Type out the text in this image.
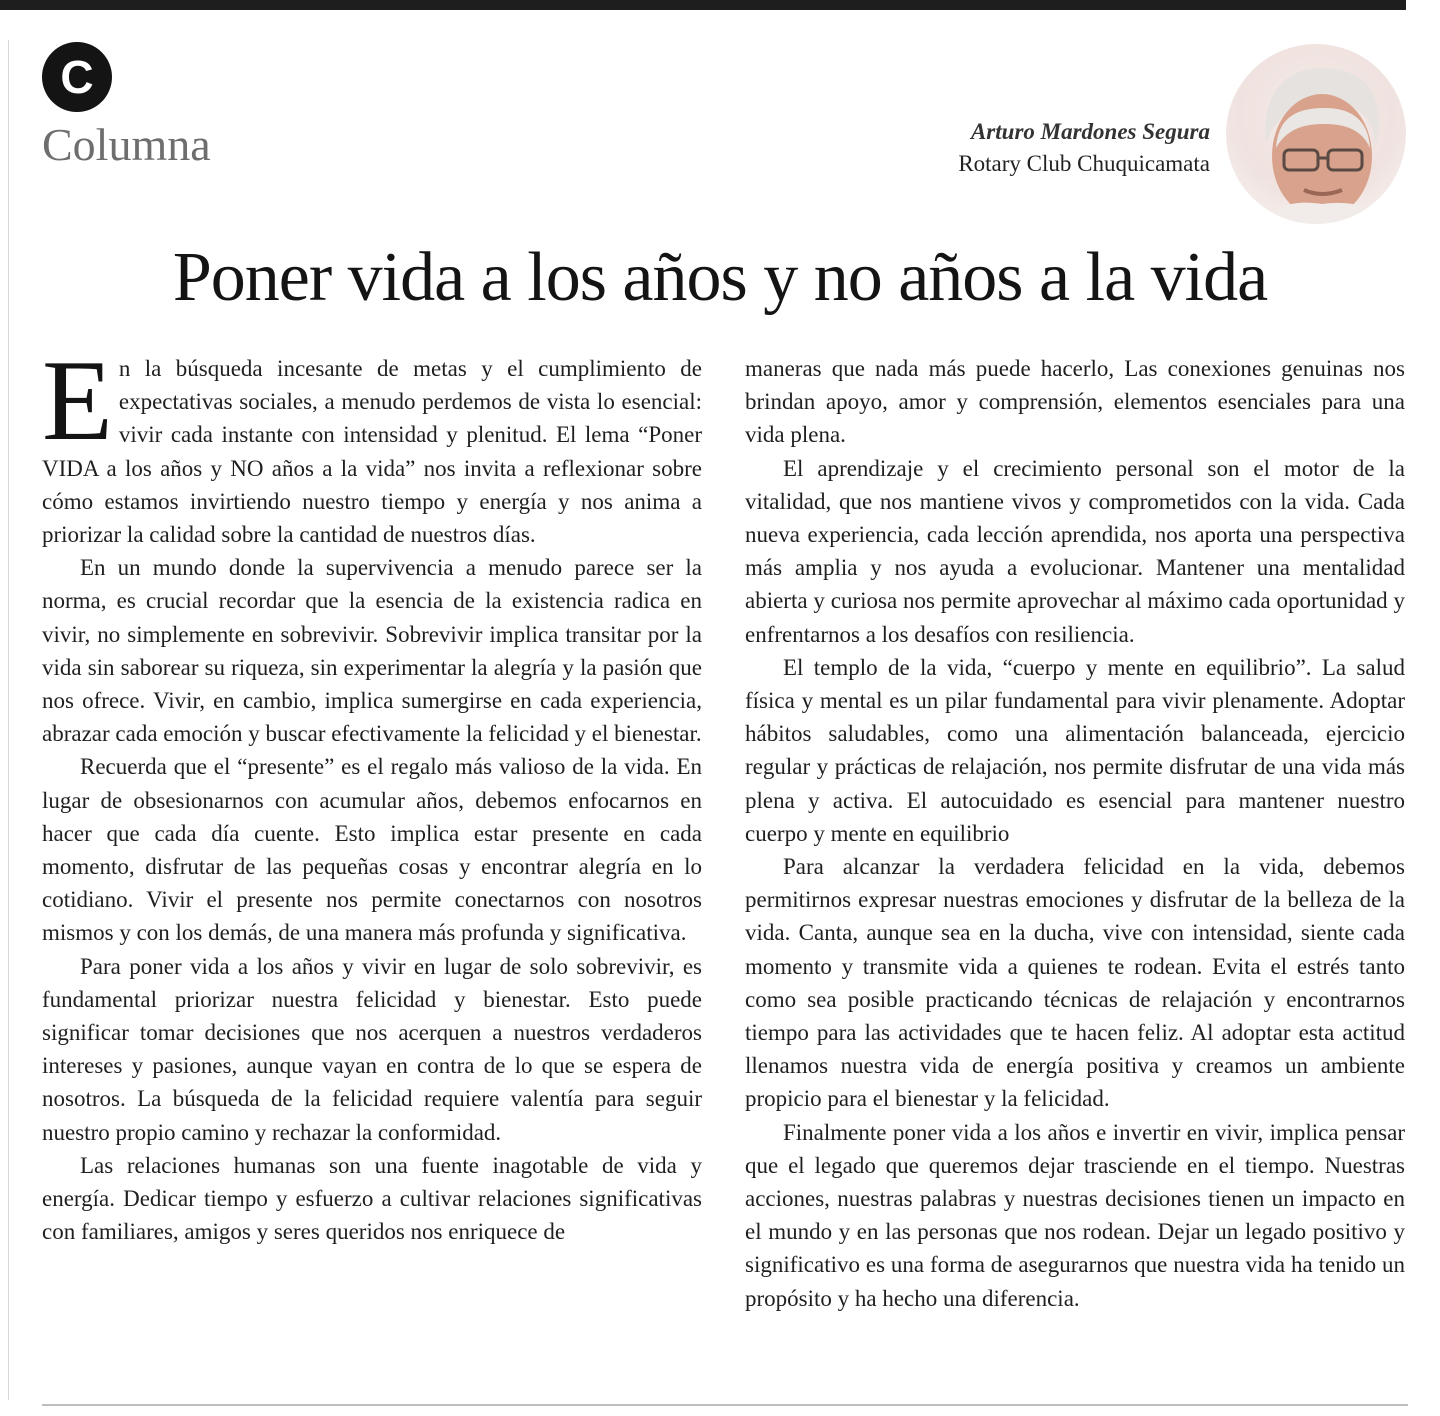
C
Columna	Arturo Mardones Segura
Rotary Club Chuquicamata
Poner vida a los años y no años a la vida

En la búsqueda incesante de metas y el cumplimiento de expectativas sociales, a menudo perdemos de vista lo esencial: vivir cada instante con intensidad y plenitud. El lema “Poner VIDA a los años y NO años a la vida” nos invita a reflexionar sobre cómo estamos invirtiendo nuestro tiempo y energía y nos anima a priorizar la calidad sobre la cantidad de nuestros días.

En un mundo donde la supervivencia a menudo parece ser la norma, es crucial recordar que la esencia de la existencia radica en vivir, no simplemente en sobrevivir. Sobrevivir implica transitar por la vida sin saborear su riqueza, sin experimentar la alegría y la pasión que nos ofrece. Vivir, en cambio, implica sumergirse en cada experiencia, abrazar cada emoción y buscar efectivamente la felicidad y el bienestar.

Recuerda que el “presente” es el regalo más valioso de la vida. En lugar de obsesionarnos con acumular años, debemos enfocarnos en hacer que cada día cuente. Esto implica estar presente en cada momento, disfrutar de las pequeñas cosas y encontrar alegría en lo cotidiano. Vivir el presente nos permite conectarnos con nosotros mismos y con los demás, de una manera más profunda y significativa.

Para poner vida a los años y vivir en lugar de solo sobrevivir, es fundamental priorizar nuestra felicidad y bienestar. Esto puede significar tomar decisiones que nos acerquen a nuestros verdaderos intereses y pasiones, aunque vayan en contra de lo que se espera de nosotros. La búsqueda de la felicidad requiere valentía para seguir nuestro propio camino y rechazar la conformidad.

Las relaciones humanas son una fuente inagotable de vida y energía. Dedicar tiempo y esfuerzo a cultivar relaciones significativas con familiares, amigos y seres queridos nos enriquece de

maneras que nada más puede hacerlo, Las conexiones genuinas nos brindan apoyo, amor y comprensión, elementos esenciales para una vida plena.

El aprendizaje y el crecimiento personal son el motor de la vitalidad, que nos mantiene vivos y comprometidos con la vida. Cada nueva experiencia, cada lección aprendida, nos aporta una perspectiva más amplia y nos ayuda a evolucionar. Mantener una mentalidad abierta y curiosa nos permite aprovechar al máximo cada oportunidad y enfrentarnos a los desafíos con resiliencia.

El templo de la vida, “cuerpo y mente en equilibrio”. La salud física y mental es un pilar fundamental para vivir plenamente. Adoptar hábitos saludables, como una alimentación balanceada, ejercicio regular y prácticas de relajación, nos permite disfrutar de una vida más plena y activa. El autocuidado es esencial para mantener nuestro cuerpo y mente en equilibrio

Para alcanzar la verdadera felicidad en la vida, debemos permitirnos expresar nuestras emociones y disfrutar de la belleza de la vida. Canta, aunque sea en la ducha, vive con intensidad, siente cada momento y transmite vida a quienes te rodean. Evita el estrés tanto como sea posible practicando técnicas de relajación y encontrarnos tiempo para las actividades que te hacen feliz. Al adoptar esta actitud llenamos nuestra vida de energía positiva y creamos un ambiente propicio para el bienestar y la felicidad.

Finalmente poner vida a los años e invertir en vivir, implica pensar que el legado que queremos dejar trasciende en el tiempo. Nuestras acciones, nuestras palabras y nuestras decisiones tienen un impacto en el mundo y en las personas que nos rodean. Dejar un legado positivo y significativo es una forma de asegurarnos que nuestra vida ha tenido un propósito y ha hecho una diferencia.
